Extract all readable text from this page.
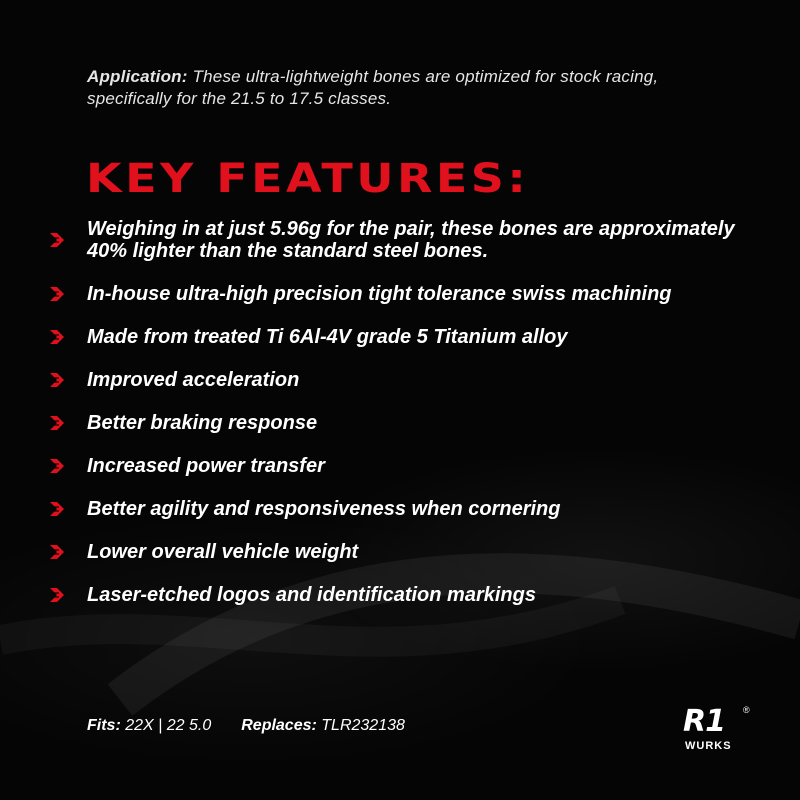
Application: These ultra-lightweight bones are optimized for stock racing, specifically for the 21.5 to 17.5 classes.
KEY FEATURES:
Weighing in at just 5.96g for the pair, these bones are approximately 40% lighter than the standard steel bones.
In-house ultra-high precision tight tolerance swiss machining
Made from treated Ti 6Al-4V grade 5 Titanium alloy
Improved acceleration
Better braking response
Increased power transfer
Better agility and responsiveness when cornering
Lower overall vehicle weight
Laser-etched logos and identification markings
Fits: 22X | 22 5.0 Replaces: TLR232138	R1 ®
WURKS
